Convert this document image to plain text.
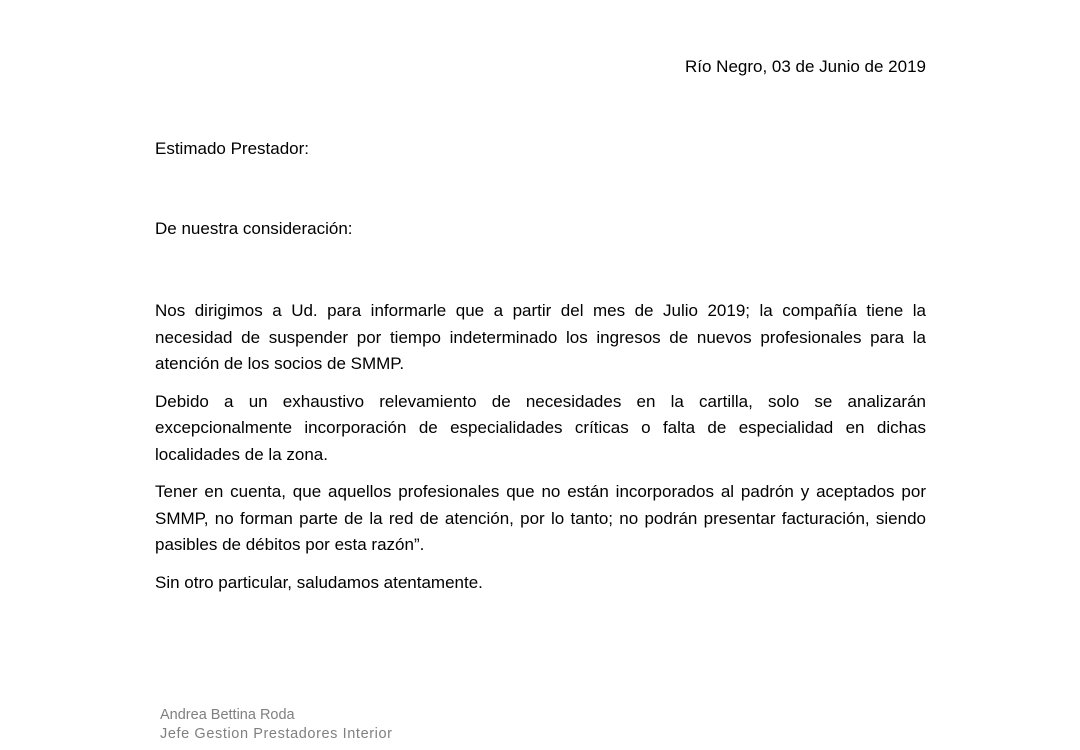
Río Negro, 03 de Junio de 2019
Estimado Prestador:
De nuestra consideración:

Nos dirigimos a Ud. para informarle que a partir del mes de Julio 2019; la compañía tiene la necesidad de suspender por tiempo indeterminado los ingresos de nuevos profesionales para la atención de los socios de SMMP.

Debido a un exhaustivo relevamiento de necesidades en la cartilla, solo se analizarán excepcionalmente incorporación de especialidades críticas o falta de especialidad en dichas localidades de la zona.

Tener en cuenta, que aquellos profesionales que no están incorporados al padrón y aceptados por SMMP, no forman parte de la red de atención, por lo tanto; no podrán presentar facturación, siendo pasibles de débitos por esta razón”.

Sin otro particular, saludamos atentamente.

Andrea Bettina Roda
Jefe Gestion Prestadores Interior
